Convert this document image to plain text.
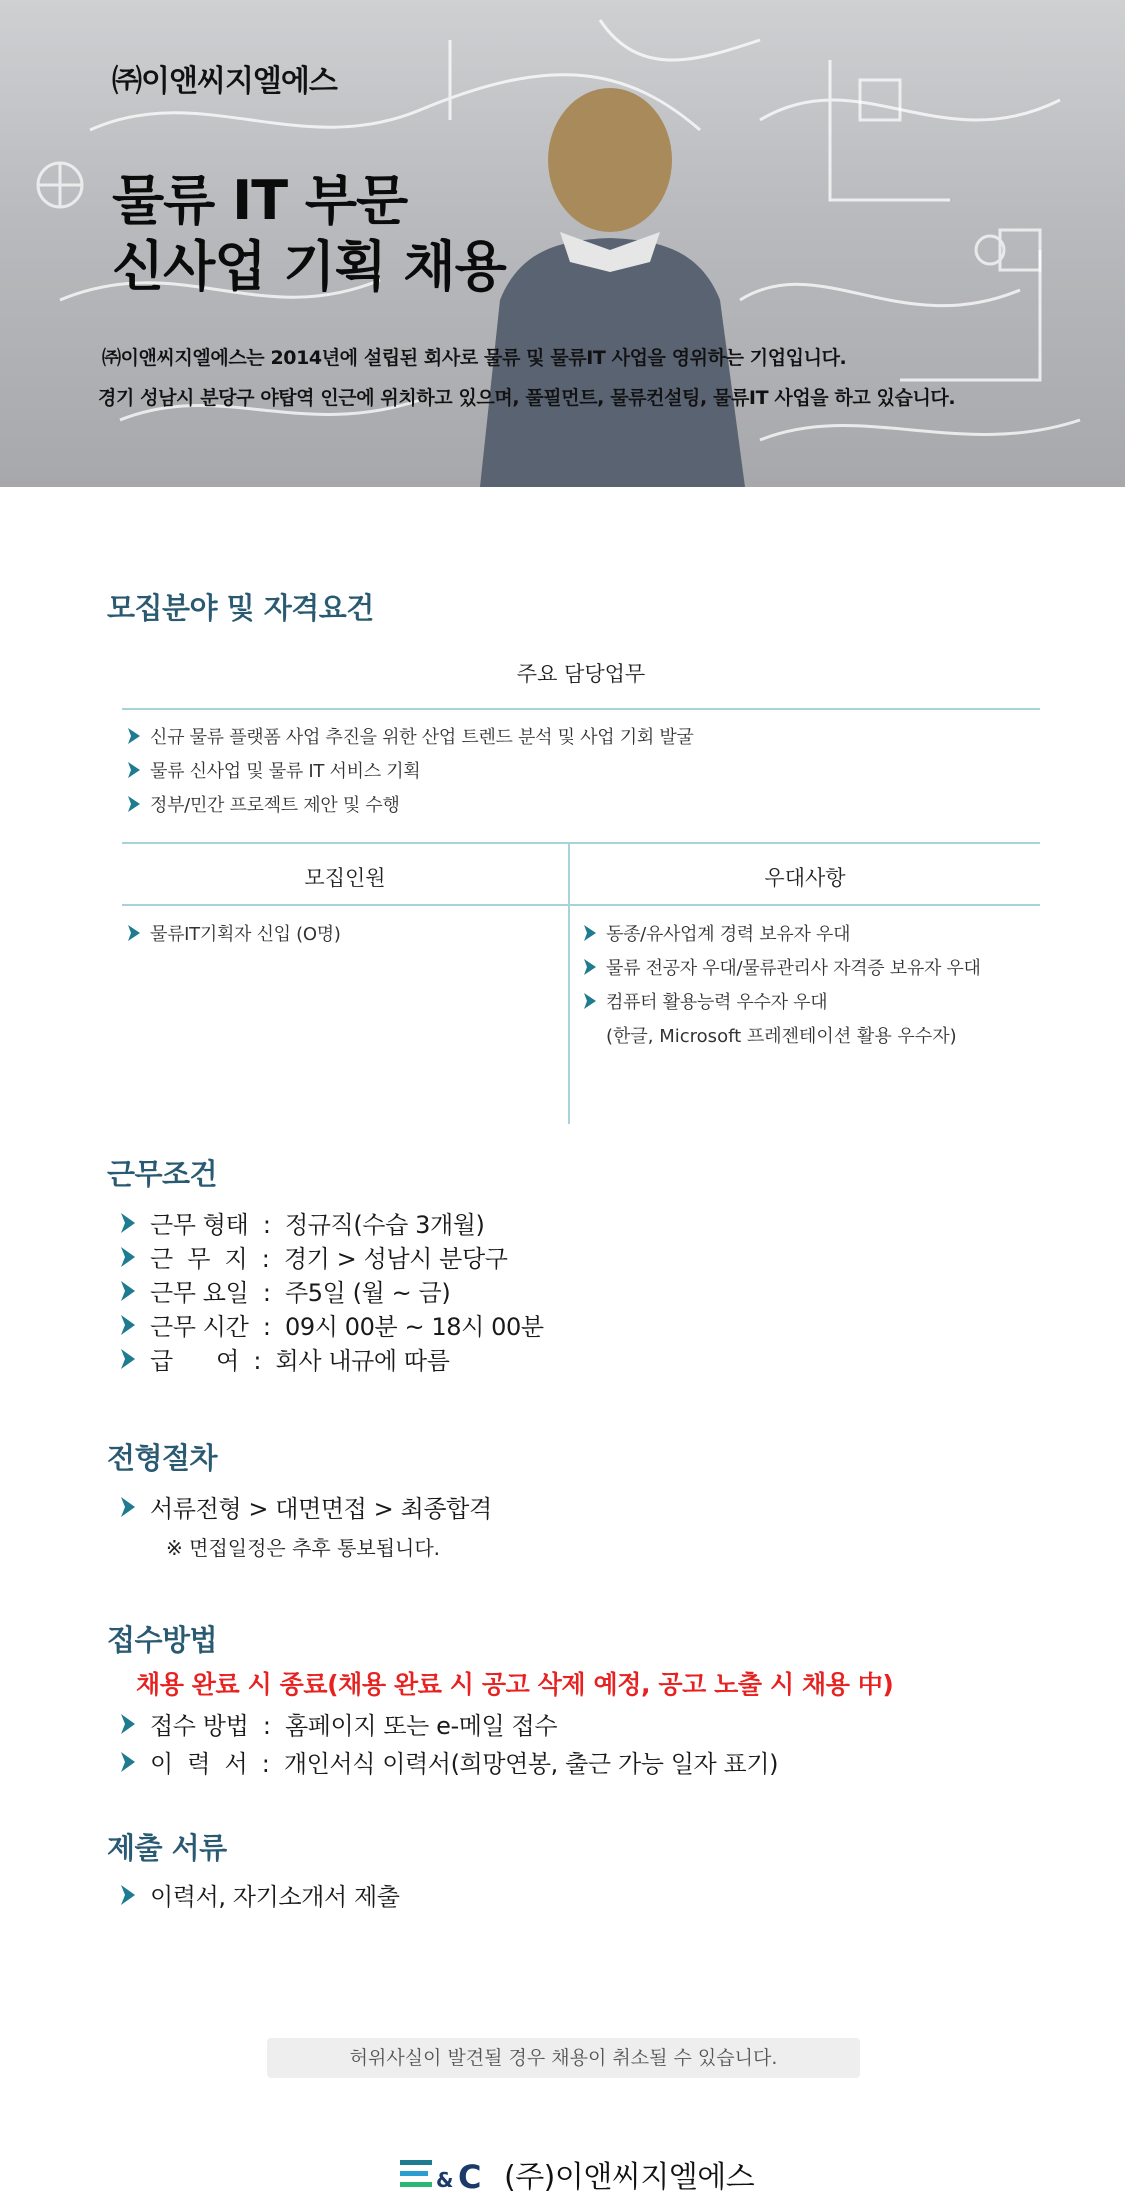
㈜이앤씨지엘에스
물류 IT 부문
신사업 기획 채용
㈜이앤씨지엘에스는 2014년에 설립된 회사로 물류 및 물류IT 사업을 영위하는 기업입니다.
경기 성남시 분당구 야탑역 인근에 위치하고 있으며, 풀필먼트, 물류컨설팅, 물류IT 사업을 하고 있습니다.
모집분야 및 자격요건
주요 담당업무
신규 물류 플랫폼 사업 추진을 위한 산업 트렌드 분석 및 사업 기회 발굴
물류 신사업 및 물류 IT 서비스 기획
정부/민간 프로젝트 제안 및 수행
모집인원	우대사항
물류IT기획자 신입 (O명)	동종/유사업계 경력 보유자 우대
물류 전공자 우대/물류관리사 자격증 보유자 우대
컴퓨터 활용능력 우수자 우대
(한글, Microsoft 프레젠테이션 활용 우수자)
근무조건
근무 형태  :  정규직(수습 3개월)
근  무  지  :  경기 > 성남시 분당구
근무 요일  :  주5일 (월 ~ 금)
근무 시간  :  09시 00분 ~ 18시 00분
급      여  :  회사 내규에 따름
전형절차
서류전형 > 대면면접 > 최종합격
※ 면접일정은 추후 통보됩니다.
접수방법
채용 완료 시 종료(채용 완료 시 공고 삭제 예정, 공고 노출 시 채용 中)
접수 방법  :  홈페이지 또는 e-메일 접수
이  력  서  :  개인서식 이력서(희망연봉, 출근 가능 일자 표기)
제출 서류
이력서, 자기소개서 제출
허위사실이 발견될 경우 채용이 취소될 수 있습니다.
& C (주)이앤씨지엘에스
